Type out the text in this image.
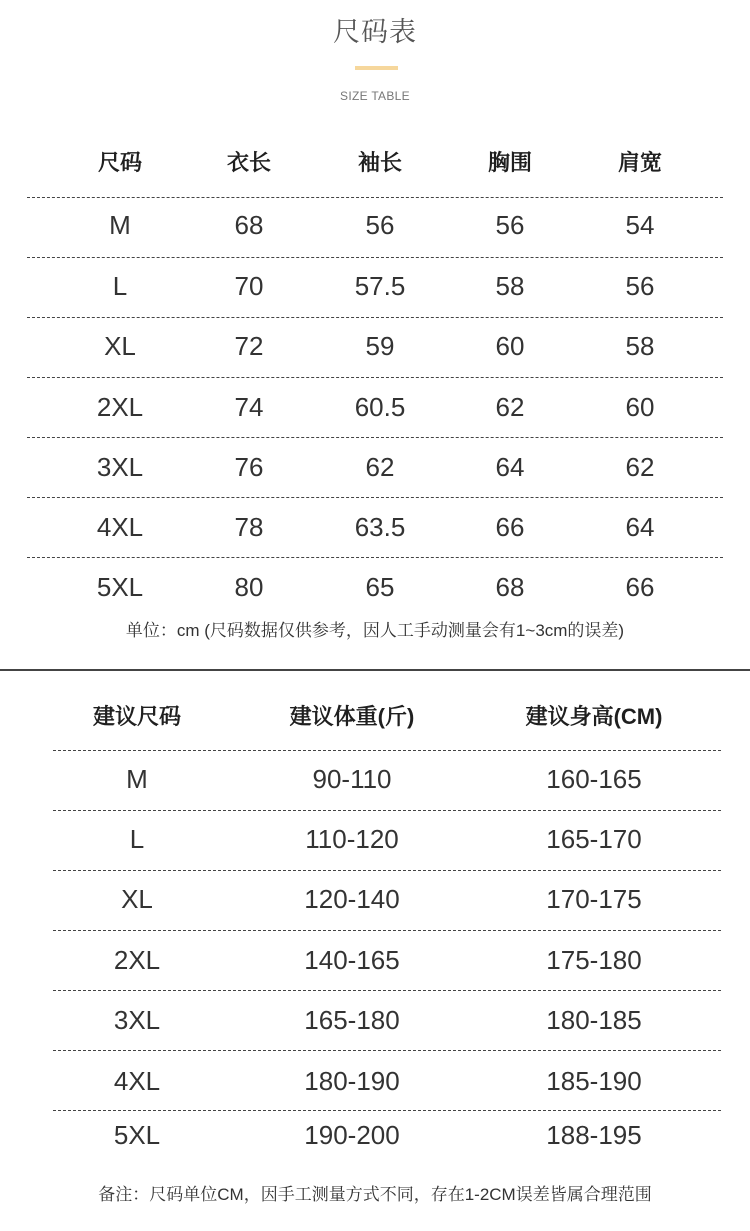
尺码表
SIZE TABLE
尺码	衣长	袖长	胸围	肩宽
M	68	56	56	54
L	70	57.5	58	56
XL	72	59	60	58
2XL	74	60.5	62	60
3XL	76	62	64	62
4XL	78	63.5	66	64
5XL	80	65	68	66
单位：cm (尺码数据仅供参考，因人工手动测量会有1~3cm的误差)
建议尺码	建议体重(斤)	建议身高(CM)
M	90-110	160-165
L	110-120	165-170
XL	120-140	170-175
2XL	140-165	175-180
3XL	165-180	180-185
4XL	180-190	185-190
5XL	190-200	188-195
备注：尺码单位CM，因手工测量方式不同，存在1-2CM误差皆属合理范围
